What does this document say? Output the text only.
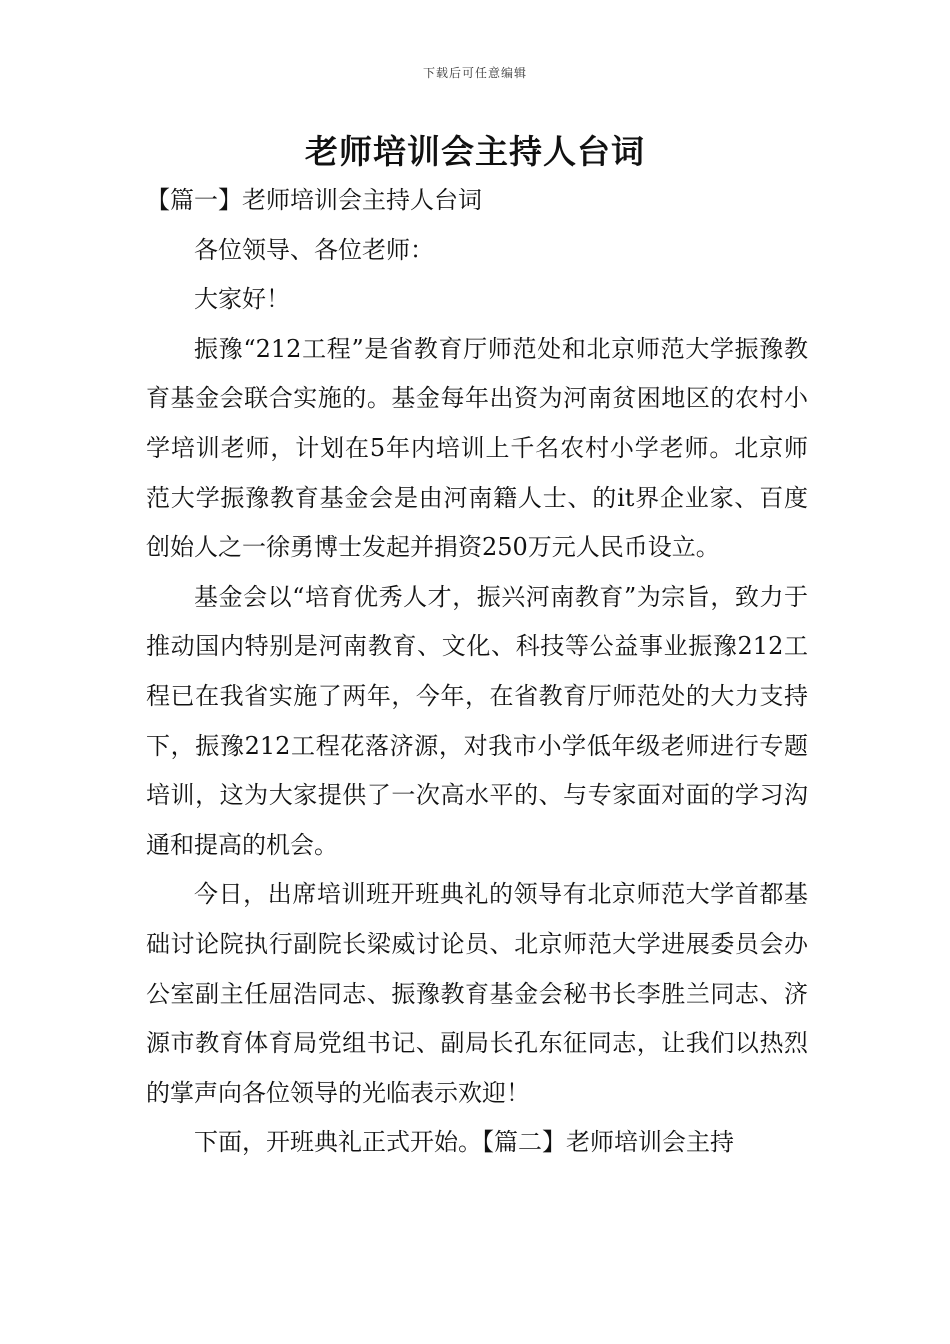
下载后可任意编辑
老师培训会主持人台词

【篇一】老师培训会主持人台词

各位领导、各位老师：

大家好！

振豫“212工程”是省教育厅师范处和北京师范大学振豫教育基金会联合实施的。基金每年出资为河南贫困地区的农村小学培训老师，计划在5年内培训上千名农村小学老师。北京师范大学振豫教育基金会是由河南籍人士、的it界企业家、百度创始人之一徐勇博士发起并捐资250万元人民币设立。

基金会以“培育优秀人才，振兴河南教育”为宗旨，致力于推动国内特别是河南教育、文化、科技等公益事业振豫212工程已在我省实施了两年，今年，在省教育厅师范处的大力支持下，振豫212工程花落济源，对我市小学低年级老师进行专题培训，这为大家提供了一次高水平的、与专家面对面的学习沟通和提高的机会。

今日，出席培训班开班典礼的领导有北京师范大学首都基础讨论院执行副院长梁威讨论员、北京师范大学进展委员会办公室副主任屈浩同志、振豫教育基金会秘书长李胜兰同志、济源市教育体育局党组书记、副局长孔东征同志，让我们以热烈的掌声向各位领导的光临表示欢迎！

下面，开班典礼正式开始。【篇二】老师培训会主持
